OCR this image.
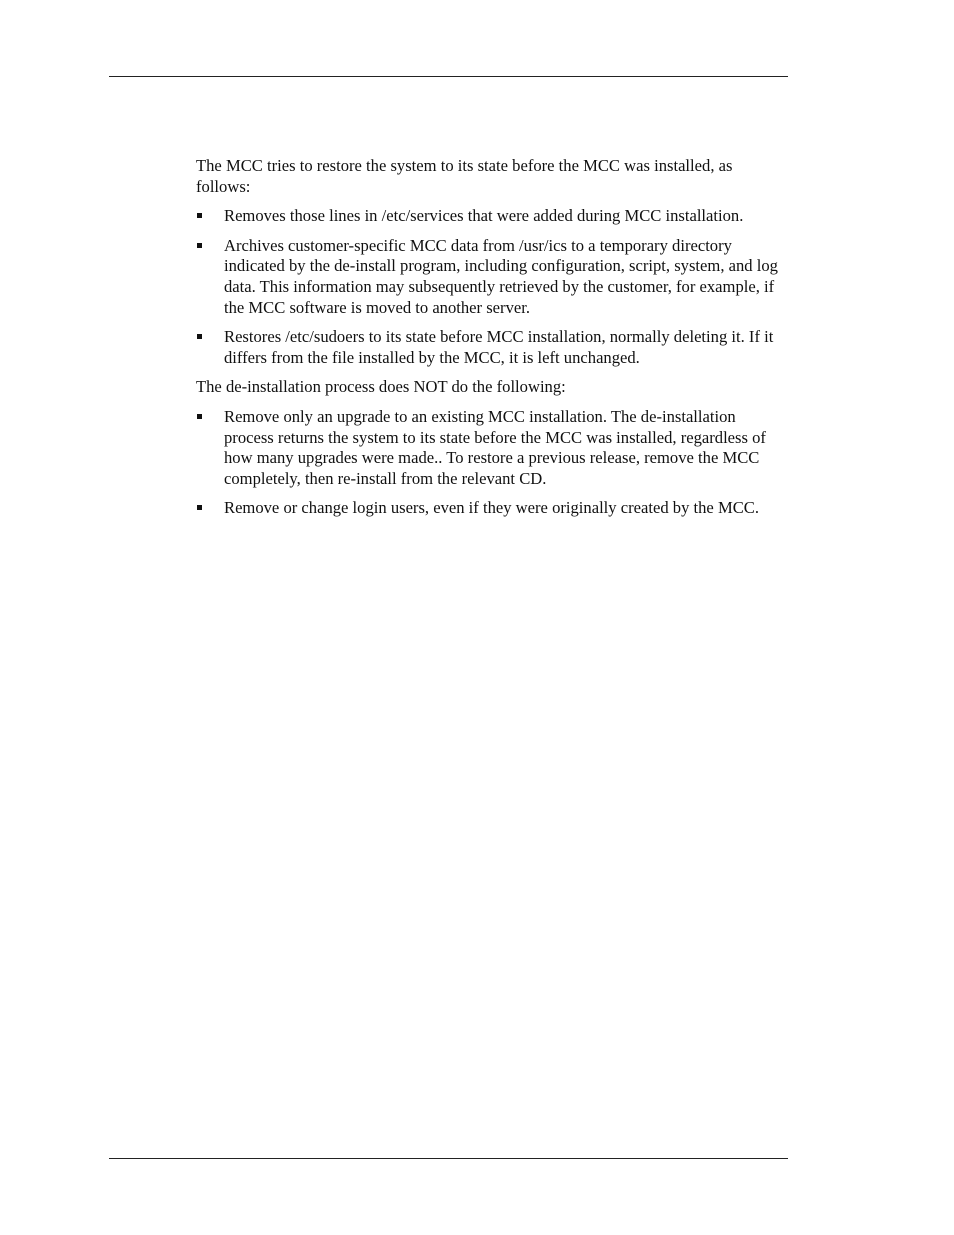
The MCC tries to restore the system to its state before the MCC was installed, as follows:

Removes those lines in /etc/services that were added during MCC installation.
Archives customer-specific MCC data from /usr/ics to a temporary directory indicated by the de-install program, including configuration, script, system, and log data. This information may subsequently retrieved by the customer, for example, if the MCC software is moved to another server.
Restores /etc/sudoers to its state before MCC installation, normally deleting it. If it differs from the file installed by the MCC, it is left unchanged.

The de-installation process does NOT do the following:

Remove only an upgrade to an existing MCC installation. The de-installation process returns the system to its state before the MCC was installed, regardless of how many upgrades were made.. To restore a previous release, remove the MCC completely, then re-install from the relevant CD.
Remove or change login users, even if they were originally created by the MCC.
